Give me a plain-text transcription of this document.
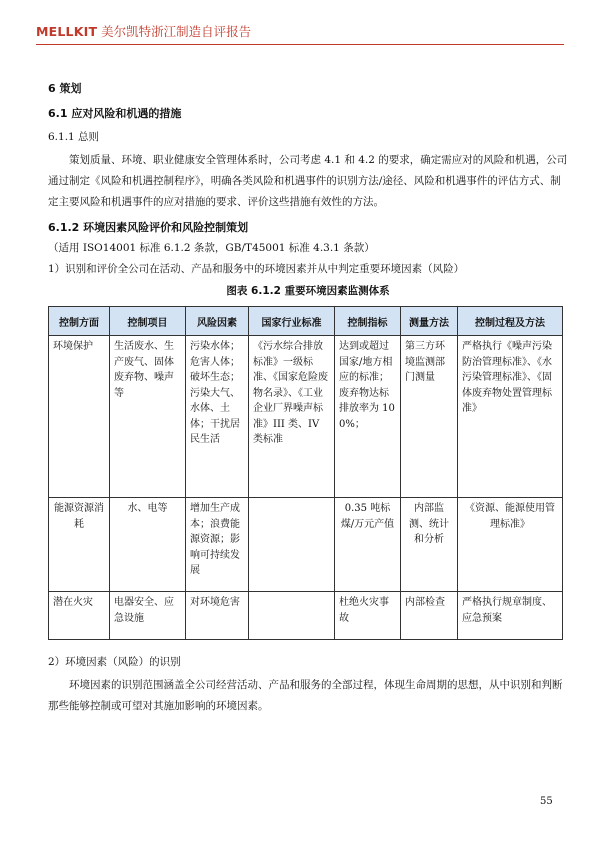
MELLKIT 美尔凯特浙江制造自评报告

6 策划

6.1 应对风险和机遇的措施

6.1.1 总则

策划质量、环境、职业健康安全管理体系时，公司考虑 4.1 和 4.2 的要求，确定需应对的风险和机遇，公司通过制定《风险和机遇控制程序》，明确各类风险和机遇事件的识别方法/途径、风险和机遇事件的评估方式、制定主要风险和机遇事件的应对措施的要求、评价这些措施有效性的方法。

6.1.2 环境因素风险评价和风险控制策划

（适用 ISO14001 标准 6.1.2 条款，GB/T45001 标准 4.3.1 条款）

1）识别和评价全公司在活动、产品和服务中的环境因素并从中判定重要环境因素（风险）

图表 6.1.2 重要环境因素监测体系

控制方面	控制项目	风险因素	国家行业标准	控制指标	测量方法	控制过程及方法
环境保护	生活废水、生产废气、固体废弃物、噪声等	污染水体；危害人体；破坏生态；污染大气、水体、土体；干扰居民生活	《污水综合排放标准》一级标准、《国家危险废物名录》、《工业企业厂界噪声标准》III 类、IV 类标准	达到或超过国家/地方相应的标准；废弃物达标排放率为 100%；	第三方环境监测部门测量	严格执行《噪声污染防治管理标准》、《水污染管理标准》、《固体废弃物处置管理标准》
能源资源消耗	水、电等	增加生产成本；浪费能源资源；影响可持续发展		0.35 吨标煤/万元产值	内部监测、统计和分析	《资源、能源使用管理标准》
潜在火灾	电器安全、应急设施	对环境危害		杜绝火灾事故	内部检查	严格执行规章制度、应急预案

2）环境因素（风险）的识别

环境因素的识别范围涵盖全公司经营活动、产品和服务的全部过程，体现生命周期的思想，从中识别和判断那些能够控制或可望对其施加影响的环境因素。

55
